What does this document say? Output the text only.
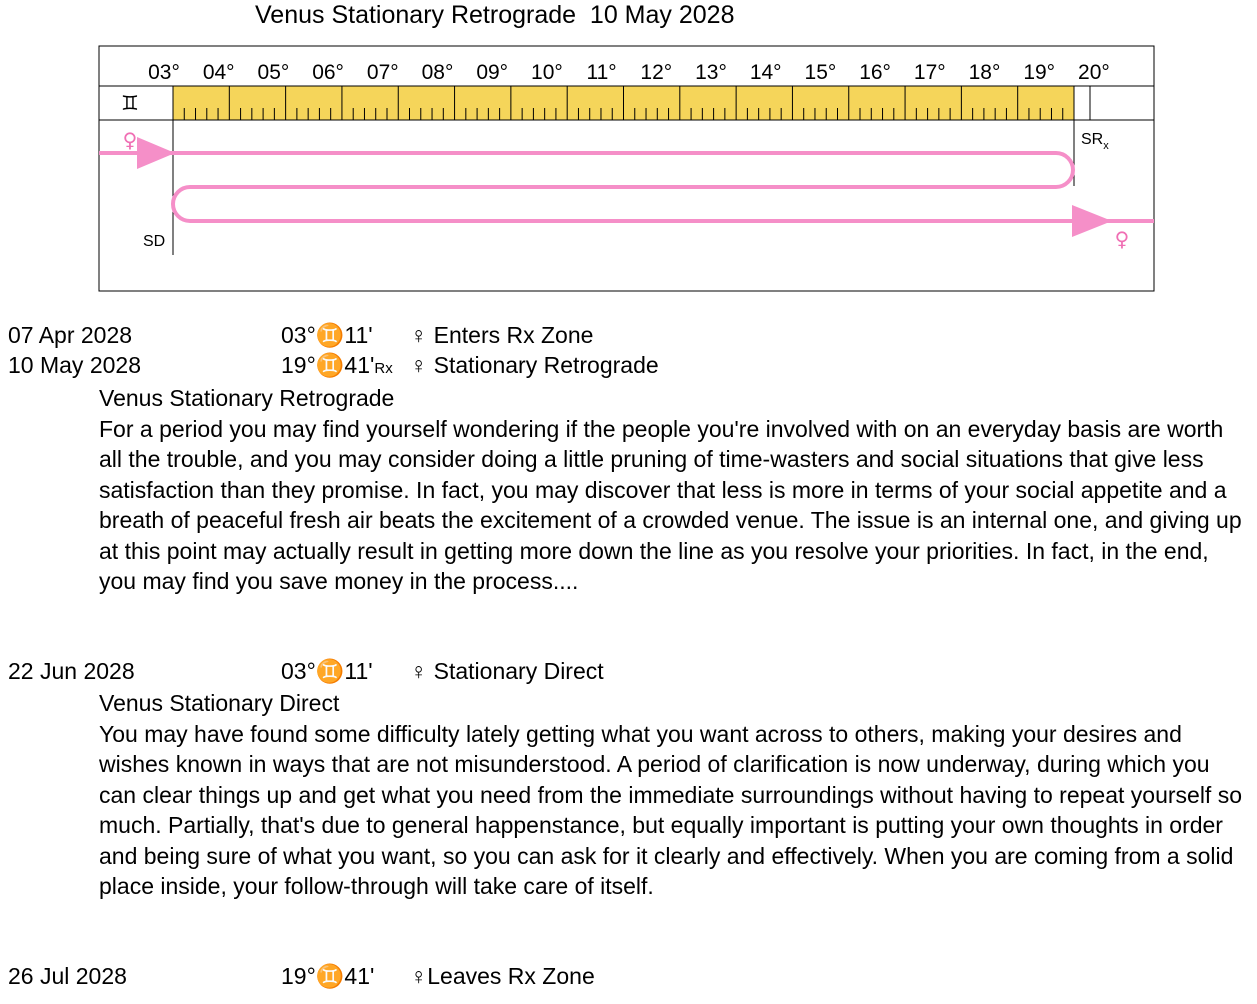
Venus Stationary Retrograde  10 May 2028
♊
03° 04° 05° 06° 07° 08° 09° 10° 11° 12° 13° 14° 15° 16° 17° 18° 19° 20°
♀
♀
$SR_x$
SD
07 Apr 2028	03°♊11' ♀ Enters Rx Zone
10 May 2028	19°♊41'Rx ♀ Stationary Retrograde
Venus Stationary Retrograde
For a period you may find yourself wondering if the people you're involved with on an everyday basis are worth all the trouble, and you may consider doing a little pruning of time-wasters and social situations that give less satisfaction than they promise. In fact, you may discover that less is more in terms of your social appetite and a breath of peaceful fresh air beats the excitement of a crowded venue. The issue is an internal one, and giving up at this point may actually result in getting more down the line as you resolve your priorities. In fact, in the end, you may find you save money in the process....
22 Jun 2028	03°♊11' ♀ Stationary Direct
Venus Stationary Direct
You may have found some difficulty lately getting what you want across to others, making your desires and wishes known in ways that are not misunderstood. A period of clarification is now underway, during which you can clear things up and get what you need from the immediate surroundings without having to repeat yourself so much. Partially, that's due to general happenstance, but equally important is putting your own thoughts in order and being sure of what you want, so you can ask for it clearly and effectively. When you are coming from a solid place inside, your follow-through will take care of itself.
26 Jul 2028	19°♊41' ♀Leaves Rx Zone
